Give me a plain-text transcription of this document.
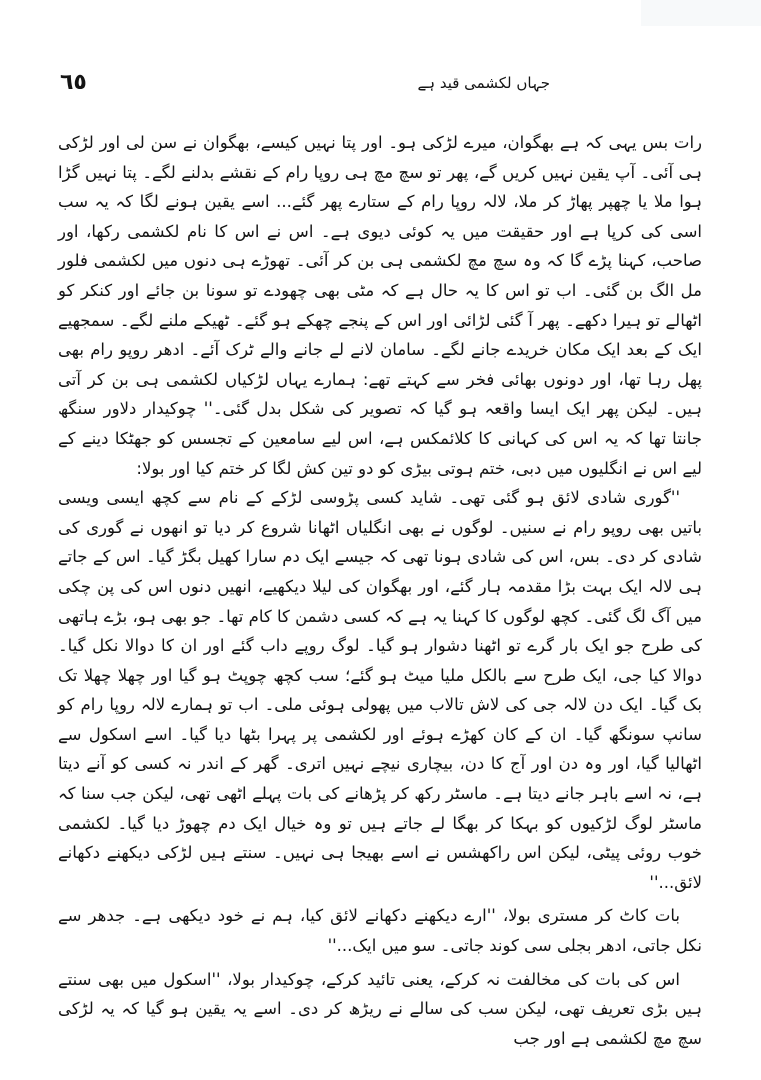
٦٥	جہاں لکشمی قید ہے

رات بس یہی کہ ہے بھگوان، میرے لڑکی ہو۔ اور پتا نہیں کیسے، بھگوان نے سن لی اور لڑکی ہی آئی۔ آپ یقین نہیں کریں گے، پھر تو سچ مچ ہی روپا رام کے نقشے بدلنے لگے۔ پتا نہیں گڑا ہوا ملا یا چھپر پھاڑ کر ملا، لالہ روپا رام کے ستارے پھر گئے... اسے یقین ہونے لگا کہ یہ سب اسی کی کرپا ہے اور حقیقت میں یہ کوئی دیوی ہے۔ اس نے اس کا نام لکشمی رکھا، اور صاحب، کہنا پڑے گا کہ وہ سچ مچ لکشمی ہی بن کر آئی۔ تھوڑے ہی دنوں میں لکشمی فلور مل الگ بن گئی۔ اب تو اس کا یہ حال ہے کہ مٹی بھی چھودے تو سونا بن جائے اور کنکر کو اٹھالے تو ہیرا دکھے۔ پھر آ گئی لڑائی اور اس کے پنجے چھکے ہو گئے۔ ٹھیکے ملنے لگے۔ سمجھیے ایک کے بعد ایک مکان خریدے جانے لگے۔ سامان لانے لے جانے والے ٹرک آئے۔ ادھر روپو رام بھی پھل رہا تھا، اور دونوں بھائی فخر سے کہتے تھے: ہمارے یہاں لڑکیاں لکشمی ہی بن کر آتی ہیں۔ لیکن پھر ایک ایسا واقعہ ہو گیا کہ تصویر کی شکل بدل گئی۔'' چوکیدار دلاور سنگھ جانتا تھا کہ یہ اس کی کہانی کا کلائمکس ہے، اس لیے سامعین کے تجسس کو جھٹکا دینے کے لیے اس نے انگلیوں میں دبی، ختم ہوتی بیڑی کو دو تین کش لگا کر ختم کیا اور بولا:

''گوری شادی لائق ہو گئی تھی۔ شاید کسی پڑوسی لڑکے کے نام سے کچھ ایسی ویسی باتیں بھی روپو رام نے سنیں۔ لوگوں نے بھی انگلیاں اٹھانا شروع کر دیا تو انھوں نے گوری کی شادی کر دی۔ بس، اس کی شادی ہونا تھی کہ جیسے ایک دم سارا کھیل بگڑ گیا۔ اس کے جاتے ہی لالہ ایک بہت بڑا مقدمہ ہار گئے، اور بھگوان کی لیلا دیکھیے، انھیں دنوں اس کی پن چکی میں آگ لگ گئی۔ کچھ لوگوں کا کہنا یہ ہے کہ کسی دشمن کا کام تھا۔ جو بھی ہو، بڑے ہاتھی کی طرح جو ایک بار گرے تو اٹھنا دشوار ہو گیا۔ لوگ روپے داب گئے اور ان کا دوالا نکل گیا۔ دوالا کیا جی، ایک طرح سے بالکل ملیا میٹ ہو گئے؛ سب کچھ چوپٹ ہو گیا اور چھلا چھلا تک بک گیا۔ ایک دن لالہ جی کی لاش تالاب میں پھولی ہوئی ملی۔ اب تو ہمارے لالہ روپا رام کو سانپ سونگھ گیا۔ ان کے کان کھڑے ہوئے اور لکشمی پر پہرا بٹھا دیا گیا۔ اسے اسکول سے اٹھالیا گیا، اور وہ دن اور آج کا دن، بیچاری نیچے نہیں اتری۔ گھر کے اندر نہ کسی کو آنے دیتا ہے، نہ اسے باہر جانے دیتا ہے۔ ماسٹر رکھ کر پڑھانے کی بات پہلے اٹھی تھی، لیکن جب سنا کہ ماسٹر لوگ لڑکیوں کو بہکا کر بھگا لے جاتے ہیں تو وہ خیال ایک دم چھوڑ دیا گیا۔ لکشمی خوب روئی پیٹی، لیکن اس راکھشس نے اسے بھیجا ہی نہیں۔ سنتے ہیں لڑکی دیکھنے دکھانے لائق...''

بات کاٹ کر مستری بولا، ''ارے دیکھنے دکھانے لائق کیا، ہم نے خود دیکھی ہے۔ جدھر سے نکل جاتی، ادھر بجلی سی کوند جاتی۔ سو میں ایک...''

اس کی بات کی مخالفت نہ کرکے، یعنی تائید کرکے، چوکیدار بولا، ''اسکول میں بھی سنتے ہیں بڑی تعریف تھی، لیکن سب کی سالے نے ریڑھ کر دی۔ اسے یہ یقین ہو گیا کہ یہ لڑکی سچ مچ لکشمی ہے اور جب
